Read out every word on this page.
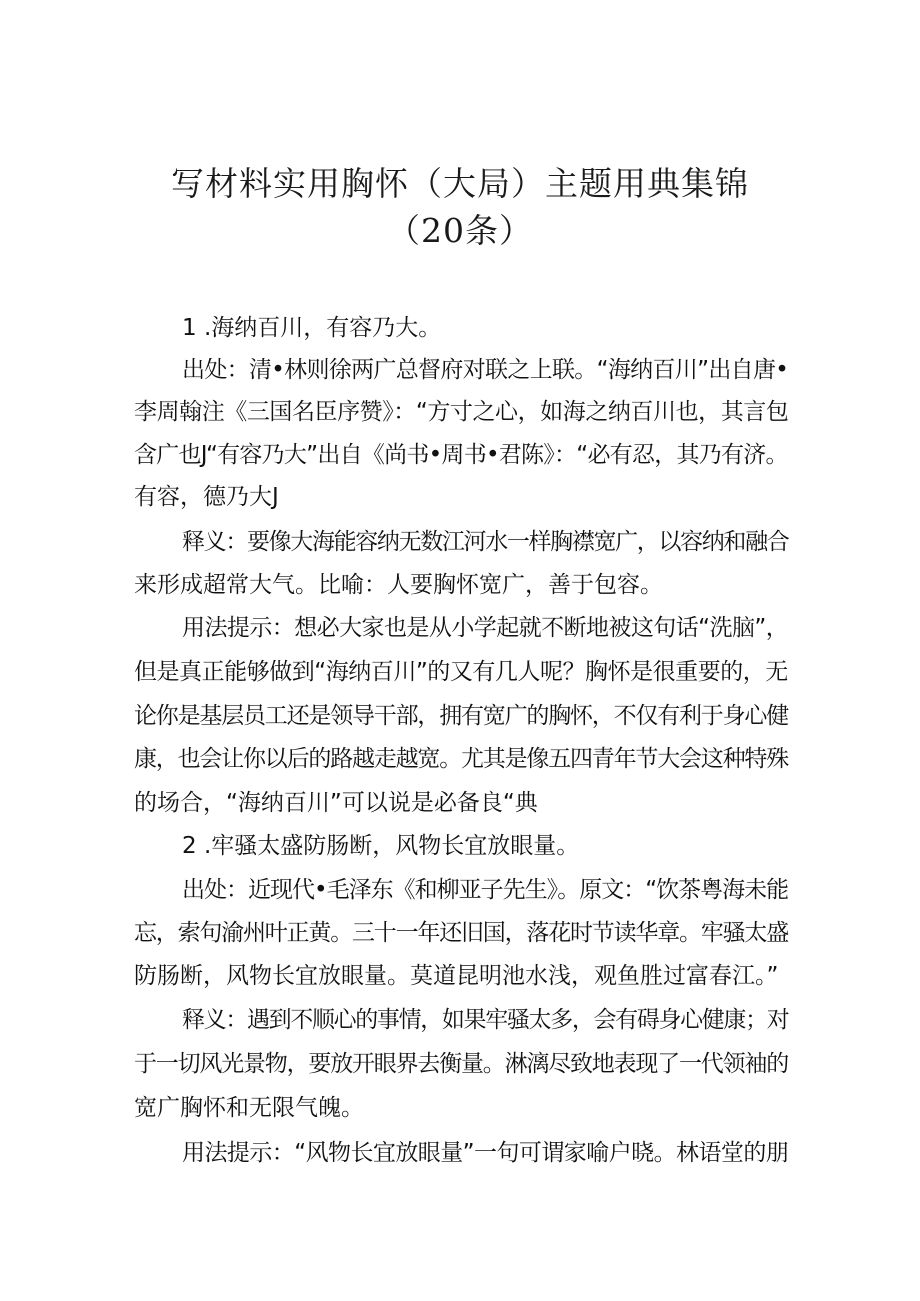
写材料实用胸怀（大局）主题用典集锦
（20条）
1 .海纳百川，有容乃大。
出处：清•林则徐两广总督府对联之上联。“海纳百川”出自唐•
李周翰注《三国名臣序赞》：“方寸之心，如海之纳百川也，其言包
含广也J“有容乃大”出自《尚书•周书•君陈》：“必有忍，其乃有济。
有容，德乃大J
释义：要像大海能容纳无数江河水一样胸襟宽广，以容纳和融合
来形成超常大气。比喻：人要胸怀宽广，善于包容。
用法提示：想必大家也是从小学起就不断地被这句话“洗脑”，
但是真正能够做到“海纳百川”的又有几人呢？胸怀是很重要的，无
论你是基层员工还是领导干部，拥有宽广的胸怀，不仅有利于身心健
康，也会让你以后的路越走越宽。尤其是像五四青年节大会这种特殊
的场合，“海纳百川”可以说是必备良“典
2 .牢骚太盛防肠断，风物长宜放眼量。
出处：近现代•毛泽东《和柳亚子先生》。原文：“饮茶粤海未能
忘，索句渝州叶正黄。三十一年还旧国，落花时节读华章。牢骚太盛
防肠断，风物长宜放眼量。莫道昆明池水浅，观鱼胜过富春江。”
释义：遇到不顺心的事情，如果牢骚太多，会有碍身心健康；对
于一切风光景物，要放开眼界去衡量。淋漓尽致地表现了一代领袖的
宽广胸怀和无限气魄。
用法提示：“风物长宜放眼量”一句可谓家喻户晓。林语堂的朋
